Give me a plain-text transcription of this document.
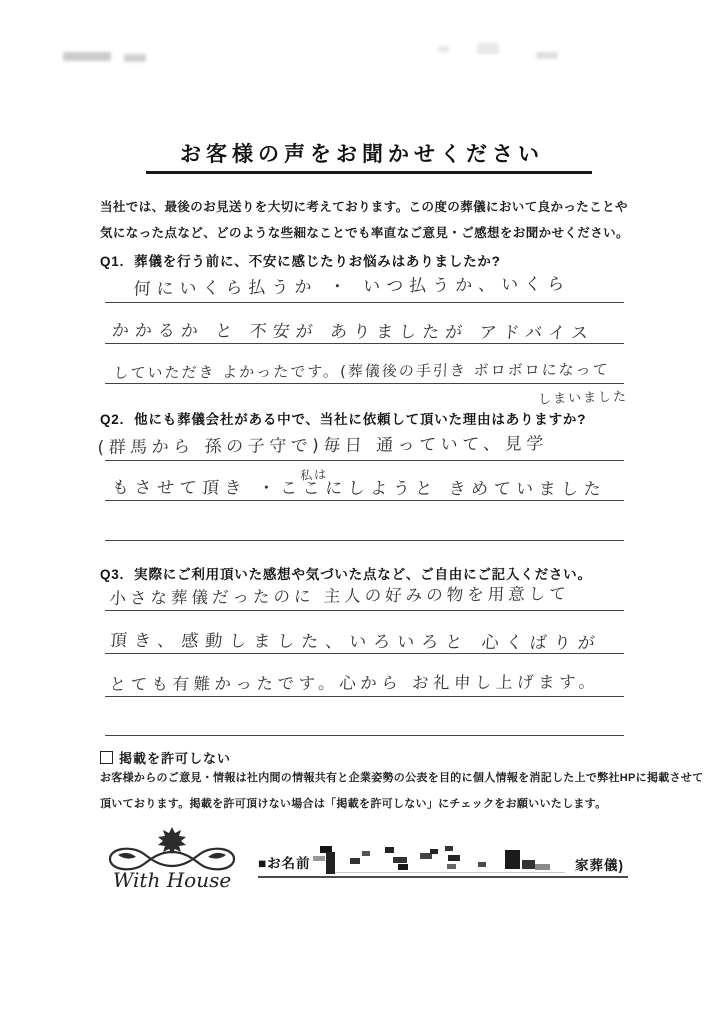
お客様の声をお聞かせください
当社では、最後のお見送りを大切に考えております。この度の葬儀において良かったことや
気になった点など、どのような些細なことでも率直なご意見・ご感想をお聞かせください。
Q1. 葬儀を行う前に、不安に感じたりお悩みはありましたか?
何にいくら払うか ・ いつ払うか、いくら
かかるか と 不安が ありましたが アドバイス
していただき よかったです。(葬儀後の手引き ボロボロになって
しまいました
Q2. 他にも葬儀会社がある中で、当社に依頼して頂いた理由はありますか?
(群馬から 孫の子守で)毎日 通っていて、見学
もさせて頂き ・ここにしようと きめていました
私は
Q3. 実際にご利用頂いた感想や気づいた点など、ご自由にご記入ください。
小さな葬儀だったのに 主人の好みの物を用意して
頂き、感動しました、いろいろと 心くばりが
とても有難かったです。心から お礼申し上げます。
掲載を許可しない
お客様からのご意見・情報は社内間の情報共有と企業姿勢の公表を目的に個人情報を消記した上で弊社HPに掲載させて
頂いております。掲載を許可頂けない場合は「掲載を許可しない」にチェックをお願いいたします。
With House
■お名前	家葬儀)
